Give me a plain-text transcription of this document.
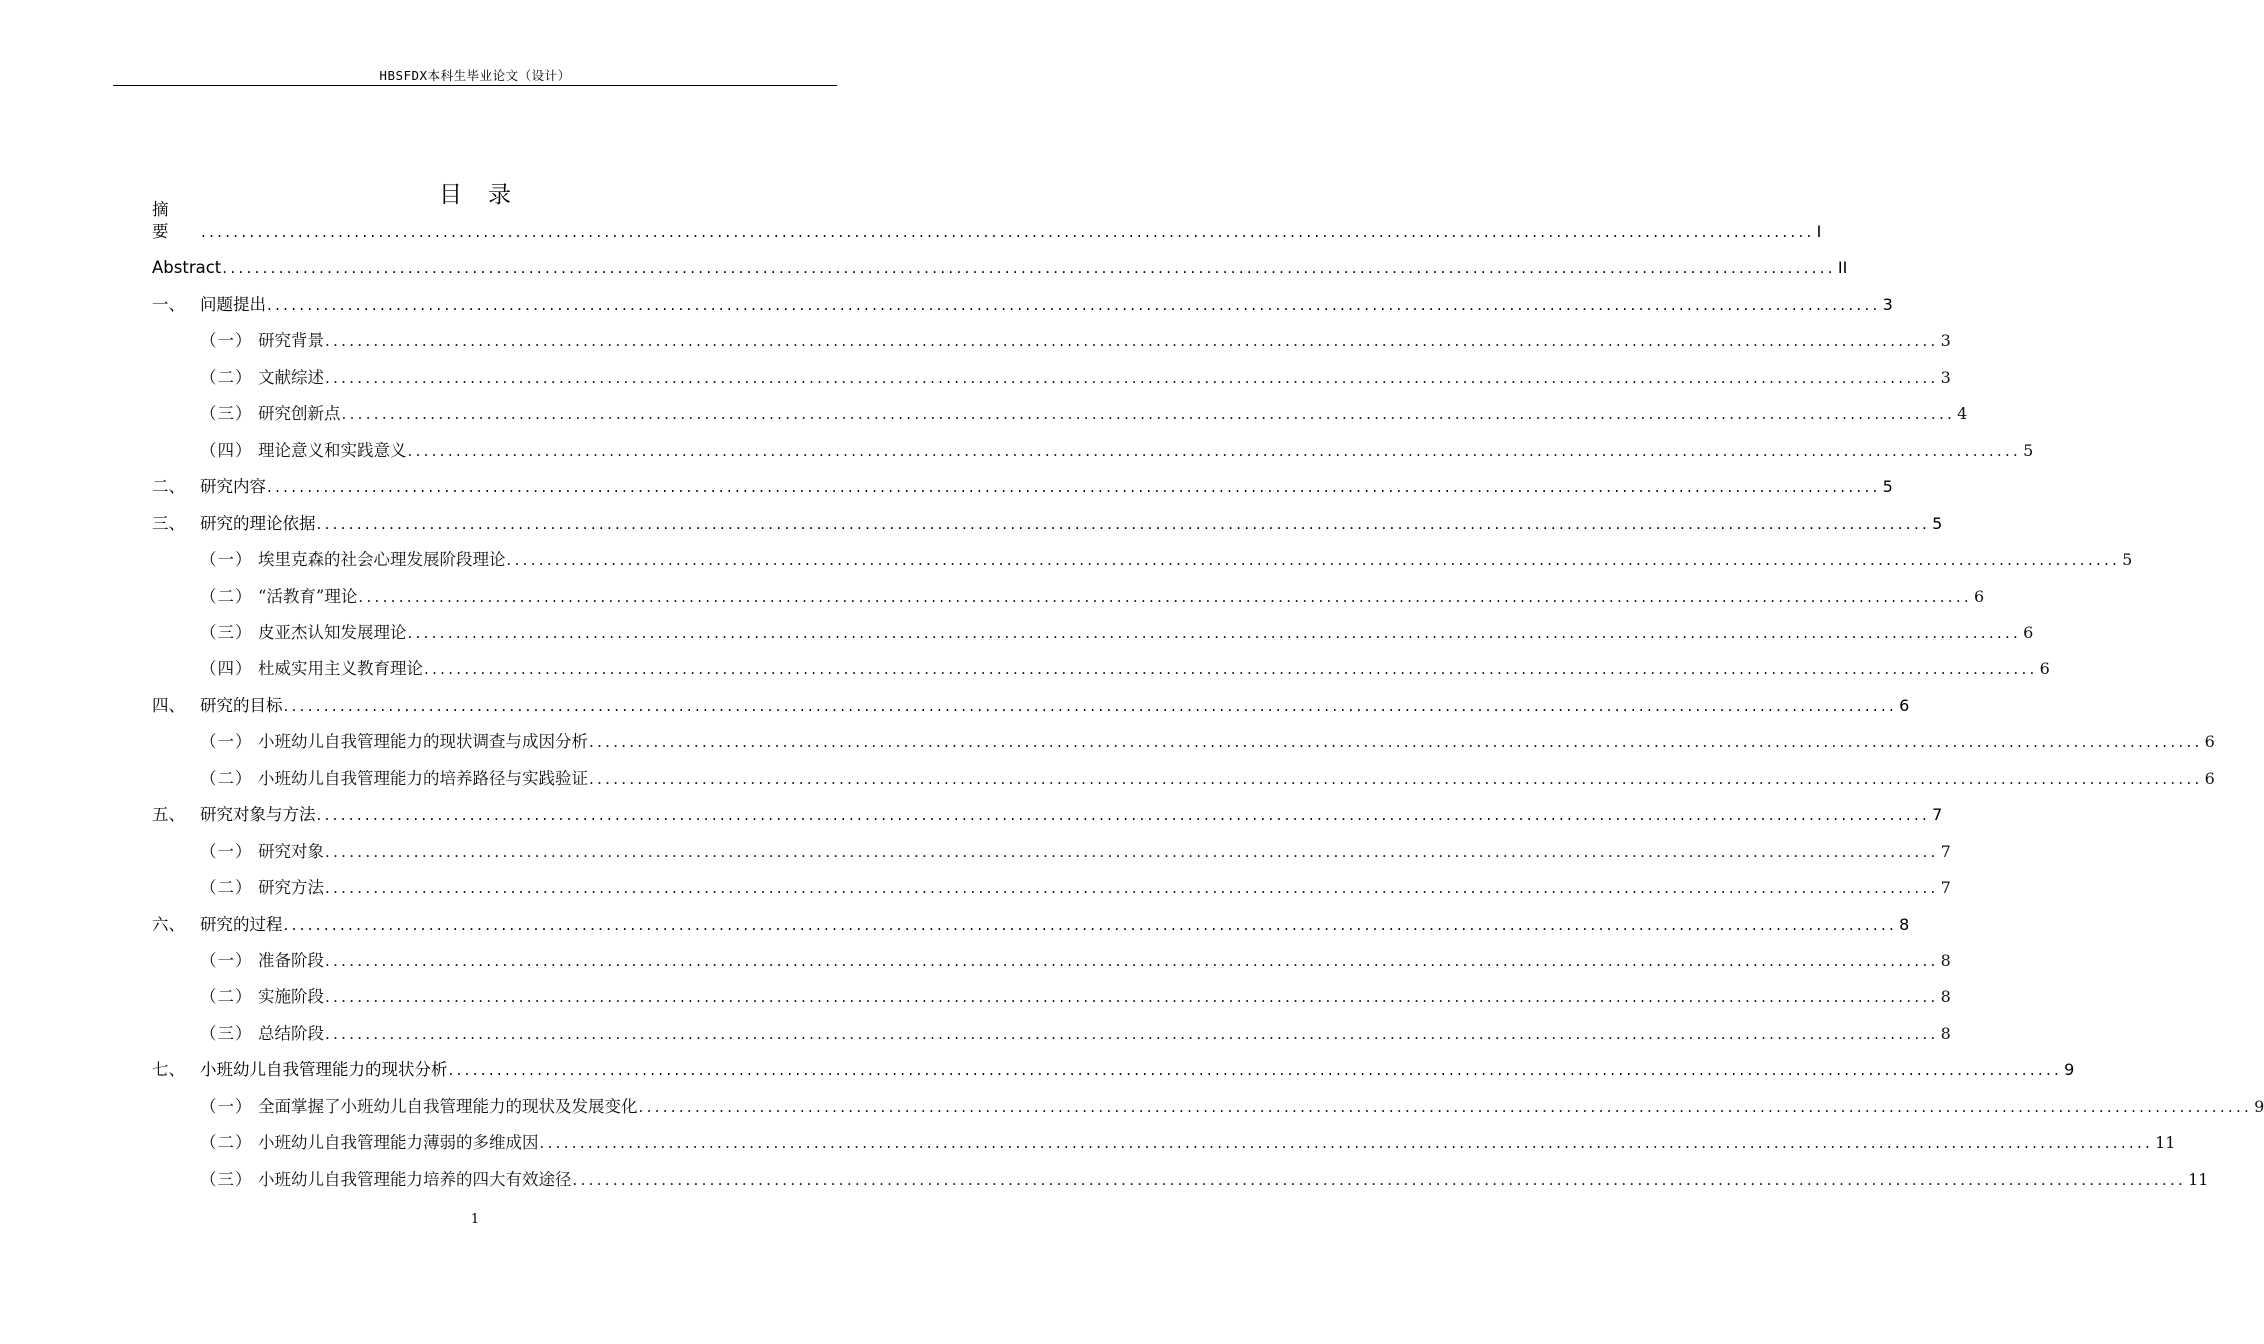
HBSFDX本科生毕业论文（设计）
目录
摘　要	........................................................................................................................................................................................................ I
Abstract ........................................................................................................................................................................................................ II
一、 问题提出 ........................................................................................................................................................................................................ 3
（一） 研究背景 ........................................................................................................................................................................................................ 3
（二） 文献综述 ........................................................................................................................................................................................................ 3
（三） 研究创新点 ........................................................................................................................................................................................................ 4
（四） 理论意义和实践意义 ........................................................................................................................................................................................................ 5
二、 研究内容 ........................................................................................................................................................................................................ 5
三、 研究的理论依据 ........................................................................................................................................................................................................ 5
（一） 埃里克森的社会心理发展阶段理论 ........................................................................................................................................................................................................ 5
（二） “活教育”理论 ........................................................................................................................................................................................................ 6
（三） 皮亚杰认知发展理论 ........................................................................................................................................................................................................ 6
（四） 杜威实用主义教育理论 ........................................................................................................................................................................................................ 6
四、 研究的目标 ........................................................................................................................................................................................................ 6
（一） 小班幼儿自我管理能力的现状调查与成因分析 ........................................................................................................................................................................................................ 6
（二） 小班幼儿自我管理能力的培养路径与实践验证 ........................................................................................................................................................................................................ 6
五、 研究对象与方法 ........................................................................................................................................................................................................ 7
（一） 研究对象 ........................................................................................................................................................................................................ 7
（二） 研究方法 ........................................................................................................................................................................................................ 7
六、 研究的过程 ........................................................................................................................................................................................................ 8
（一） 准备阶段 ........................................................................................................................................................................................................ 8
（二） 实施阶段 ........................................................................................................................................................................................................ 8
（三） 总结阶段 ........................................................................................................................................................................................................ 8
七、 小班幼儿自我管理能力的现状分析 ........................................................................................................................................................................................................ 9
（一） 全面掌握了小班幼儿自我管理能力的现状及发展变化 ........................................................................................................................................................................................................ 9
（二） 小班幼儿自我管理能力薄弱的多维成因 ........................................................................................................................................................................................................ 11
（三） 小班幼儿自我管理能力培养的四大有效途径 ........................................................................................................................................................................................................ 11
1
